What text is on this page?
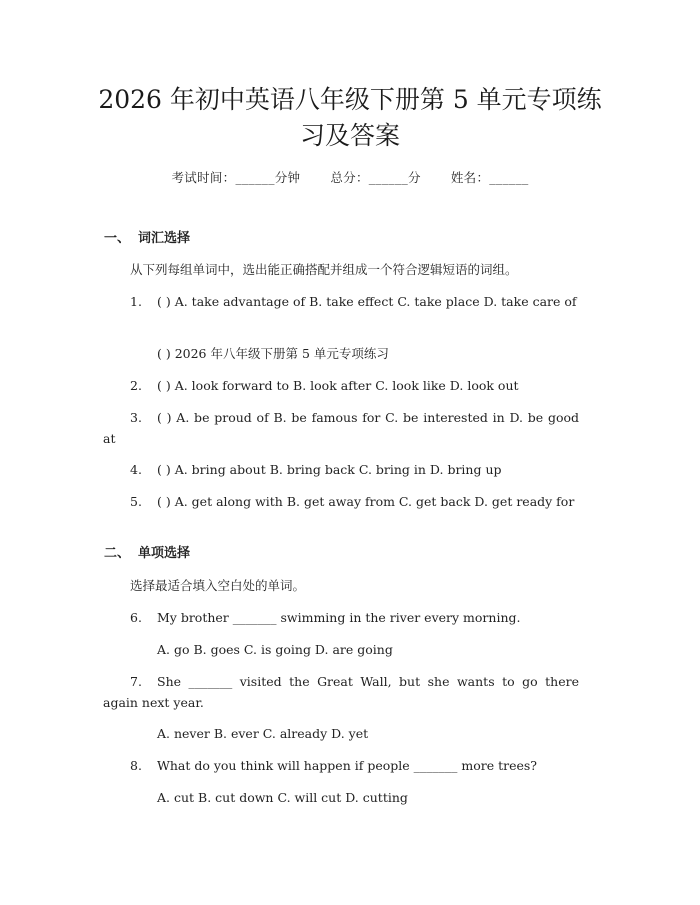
2026 年初中英语八年级下册第 5 单元专项练
习及答案
考试时间：______分钟 总分：______分 姓名：______
一、 词汇选择
从下列每组单词中，选出能正确搭配并组成一个符合逻辑短语的词组。
1. ( ) A. take advantage of B. take effect C. take place D. take care of
( ) 2026 年八年级下册第 5 单元专项练习
2. ( ) A. look forward to B. look after C. look like D. look out
3. ( ) A. be proud of B. be famous for C. be interested in D. be good at
4. ( ) A. bring about B. bring back C. bring in D. bring up
5. ( ) A. get along with B. get away from C. get back D. get ready for
二、 单项选择
选择最适合填入空白处的单词。
6. My brother _______ swimming in the river every morning.
A. go B. goes C. is going D. are going
7. She _______ visited the Great Wall, but she wants to go there again next year.
A. never B. ever C. already D. yet
8. What do you think will happen if people _______ more trees?
A. cut B. cut down C. will cut D. cutting
